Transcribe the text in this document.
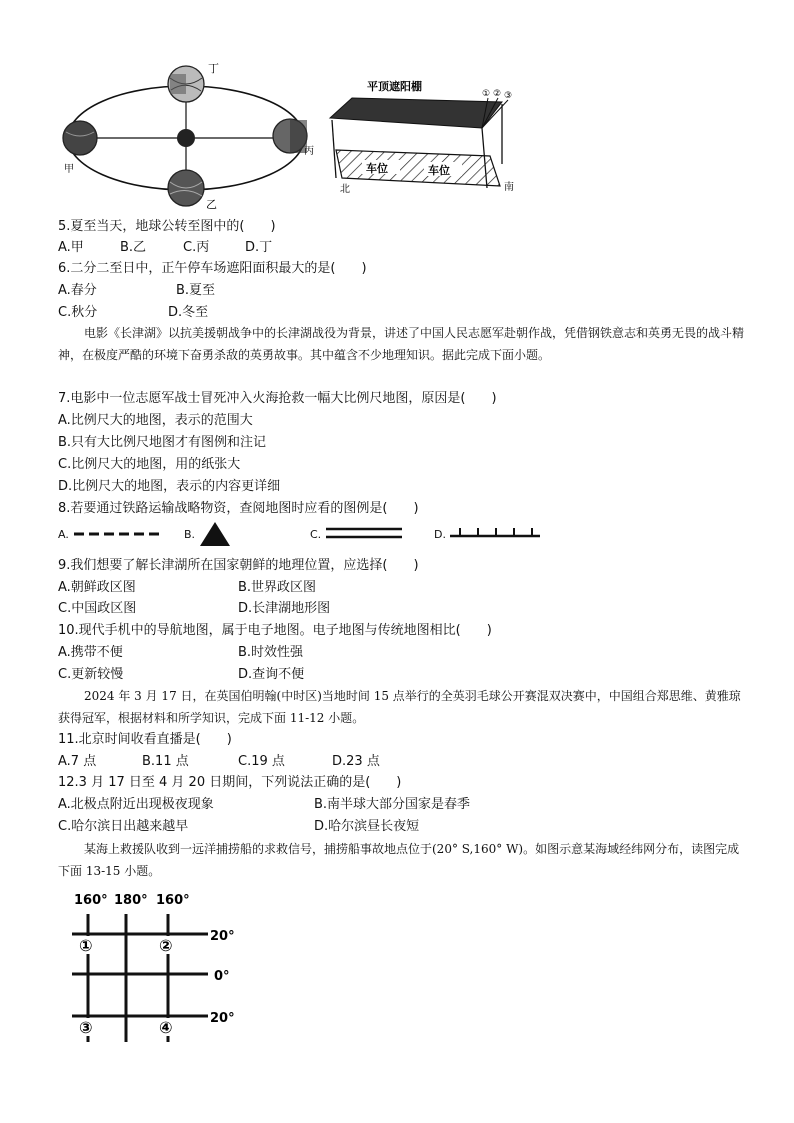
丁
甲
丙
乙
平顶遮阳棚
车位	车位
① ② ③
北	南
5.夏至当天，地球公转至图中的(　　)
A.甲	B.乙	C.丙	D.丁
6.二分二至日中，正午停车场遮阳面积最大的是(　　)
A.春分	B.夏至
C.秋分	D.冬至
电影《长津湖》以抗美援朝战争中的长津湖战役为背景，讲述了中国人民志愿军赴朝作战，凭借钢铁意志和英勇无畏的战斗精神，在极度严酷的环境下奋勇杀敌的英勇故事。其中蕴含不少地理知识。据此完成下面小题。
7.电影中一位志愿军战士冒死冲入火海抢救一幅大比例尺地图，原因是(　　)
A.比例尺大的地图，表示的范围大
B.只有大比例尺地图才有图例和注记
C.比例尺大的地图，用的纸张大
D.比例尺大的地图，表示的内容更详细
8.若要通过铁路运输战略物资，查阅地图时应看的图例是(　　)
A.	B.	C.	D.
9.我们想要了解长津湖所在国家朝鲜的地理位置，应选择(　　)
A.朝鲜政区图	B.世界政区图
C.中国政区图	D.长津湖地形图
10.现代手机中的导航地图，属于电子地图。电子地图与传统地图相比(　　)
A.携带不便	B.时效性强
C.更新较慢	D.查询不便
2024 年 3 月 17 日，在英国伯明翰(中时区)当地时间 15 点举行的全英羽毛球公开赛混双决赛中，中国组合郑思维、黄雅琼获得冠军，根据材料和所学知识，完成下面 11-12 小题。
11.北京时间收看直播是(　　)
A.7 点	B.11 点	C.19 点	D.23 点
12.3 月 17 日至 4 月 20 日期间，下列说法正确的是(　　)
A.北极点附近出现极夜现象	B.南半球大部分国家是春季
C.哈尔滨日出越来越早	D.哈尔滨昼长夜短
某海上救援队收到一远洋捕捞船的求救信号，捕捞船事故地点位于(20° S,160° W)。如图示意某海域经纬网分布，读图完成下面 13-15 小题。
160° 180° 160°
20°
0°
20°
①	②
③	④
